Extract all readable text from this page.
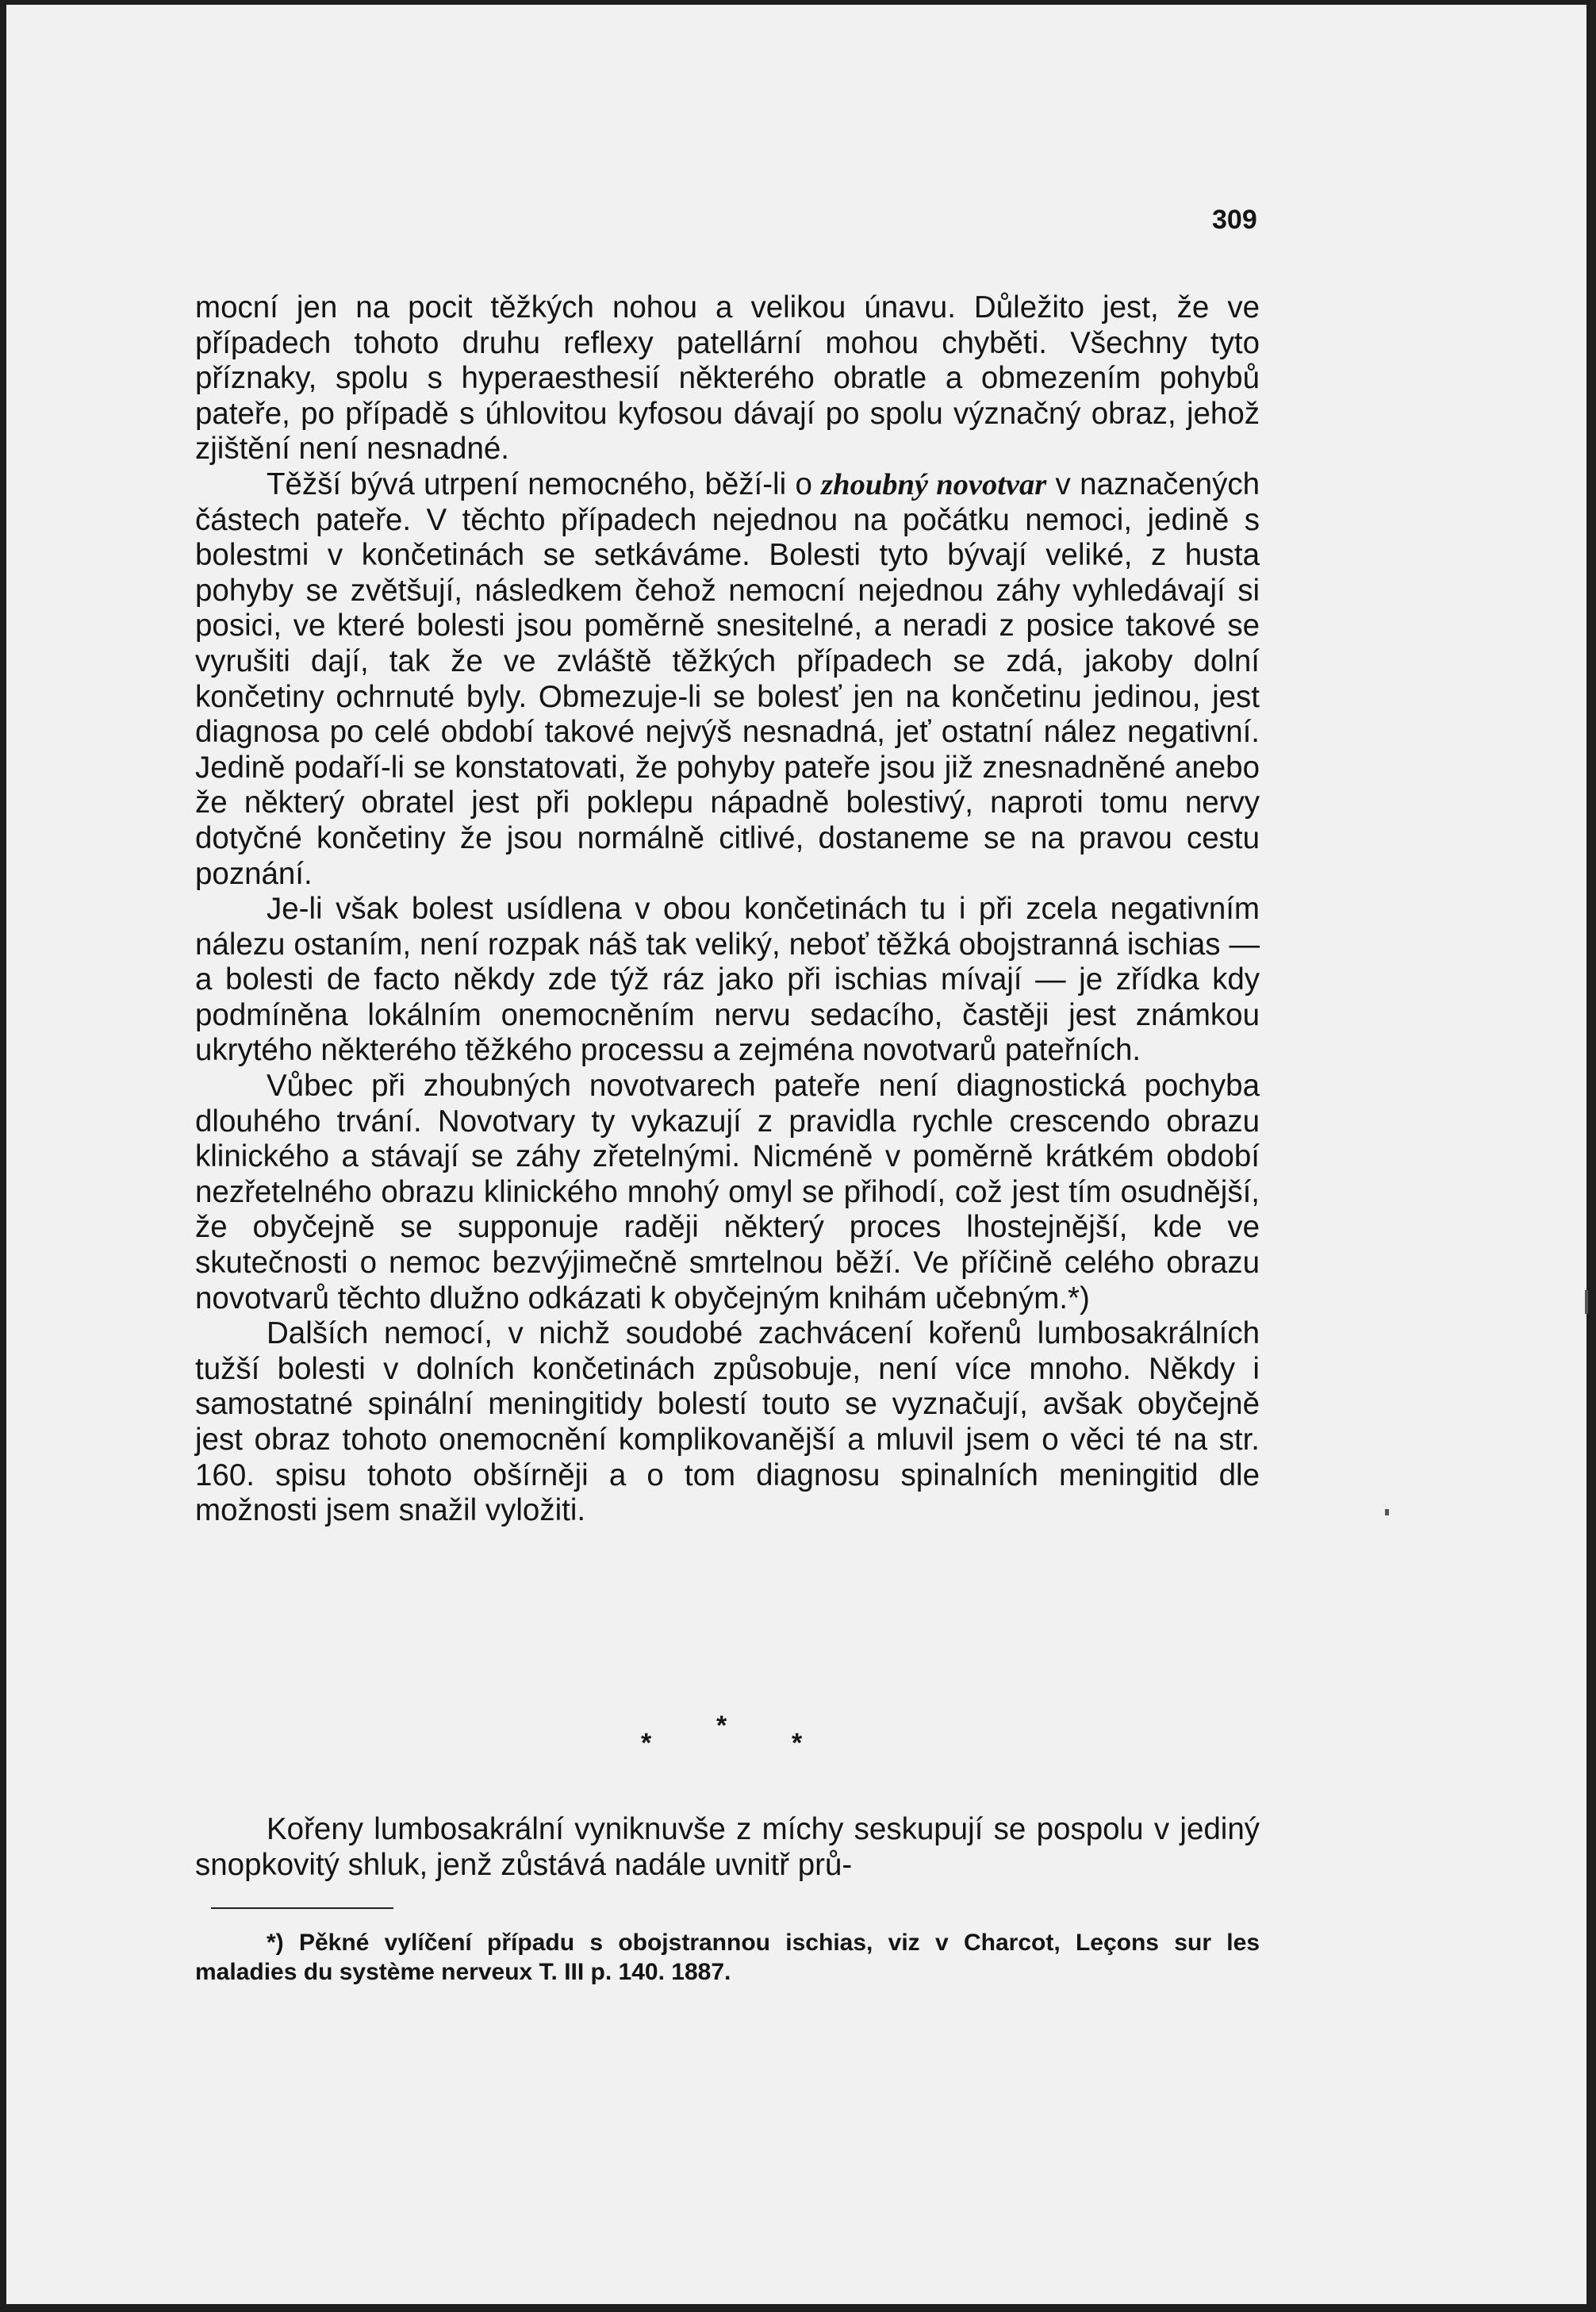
309

mocní jen na pocit těžkých nohou a velikou únavu. Důležito jest, že ve případech tohoto druhu reflexy patellární mohou chyběti. Všechny tyto příznaky, spolu s hyperaesthesií některého obratle a obmezením pohybů pateře, po případě s úhlovitou kyfosou dávají po spolu význačný obraz, jehož zjištění není nesnadné.

Těžší bývá utrpení nemocného, běží-li o zhoubný novotvar v naznačených částech pateře. V těchto případech nejednou na počátku nemoci, jedině s bolestmi v končetinách se setkáváme. Bolesti tyto bývají veliké, z husta pohyby se zvětšují, následkem čehož nemocní nejednou záhy vyhledávají si posici, ve které bolesti jsou poměrně snesitelné, a neradi z posice takové se vyrušiti dají, tak že ve zvláště těžkých případech se zdá, jakoby dolní končetiny ochrnuté byly. Obmezuje-li se bolesť jen na končetinu jedinou, jest diagnosa po celé období takové nejvýš nesnadná, jeť ostatní nález negativní. Jedině podaří-li se konstatovati, že pohyby pateře jsou již znesnadněné anebo že některý obratel jest při poklepu nápadně bolestivý, naproti tomu nervy dotyčné končetiny že jsou normálně citlivé, dostaneme se na pravou cestu poznání.

Je-li však bolest usídlena v obou končetinách tu i při zcela negativním nálezu ostaním, není rozpak náš tak veliký, neboť těžká obojstranná ischias — a bolesti de facto někdy zde týž ráz jako při ischias mívají — je zřídka kdy podmíněna lokálním onemocněním nervu sedacího, častěji jest známkou ukrytého některého těžkého processu a zejména novotvarů pateřních.

Vůbec při zhoubných novotvarech pateře není diagnostická pochyba dlouhého trvání. Novotvary ty vykazují z pravidla rychle crescendo obrazu klinického a stávají se záhy zřetelnými. Nicméně v poměrně krátkém období nezřetelného obrazu klinického mnohý omyl se přihodí, což jest tím osudnější, že obyčejně se supponuje raději některý proces lhostejnější, kde ve skutečnosti o nemoc bezvýjimečně smrtelnou běží. Ve příčině celého obrazu novotvarů těchto dlužno odkázati k obyčejným knihám učebným.*)

Dalších nemocí, v nichž soudobé zachvácení kořenů lumbosakrálních tužší bolesti v dolních končetinách způsobuje, není více mnoho. Někdy i samostatné spinální meningitidy bolestí touto se vyznačují, avšak obyčejně jest obraz tohoto onemocnění komplikovanější a mluvil jsem o věci té na str. 160. spisu tohoto obšírněji a o tom diagnosu spinalních meningitid dle možnosti jsem snažil vyložiti.

*
*
*

Kořeny lumbosakrální vyniknuvše z míchy seskupují se pospolu v jediný snopkovitý shluk, jenž zůstává nadále uvnitř prů-

*) Pěkné vylíčení případu s obojstrannou ischias, viz v Charcot, Leçons sur les maladies du système nerveux T. III p. 140. 1887.
